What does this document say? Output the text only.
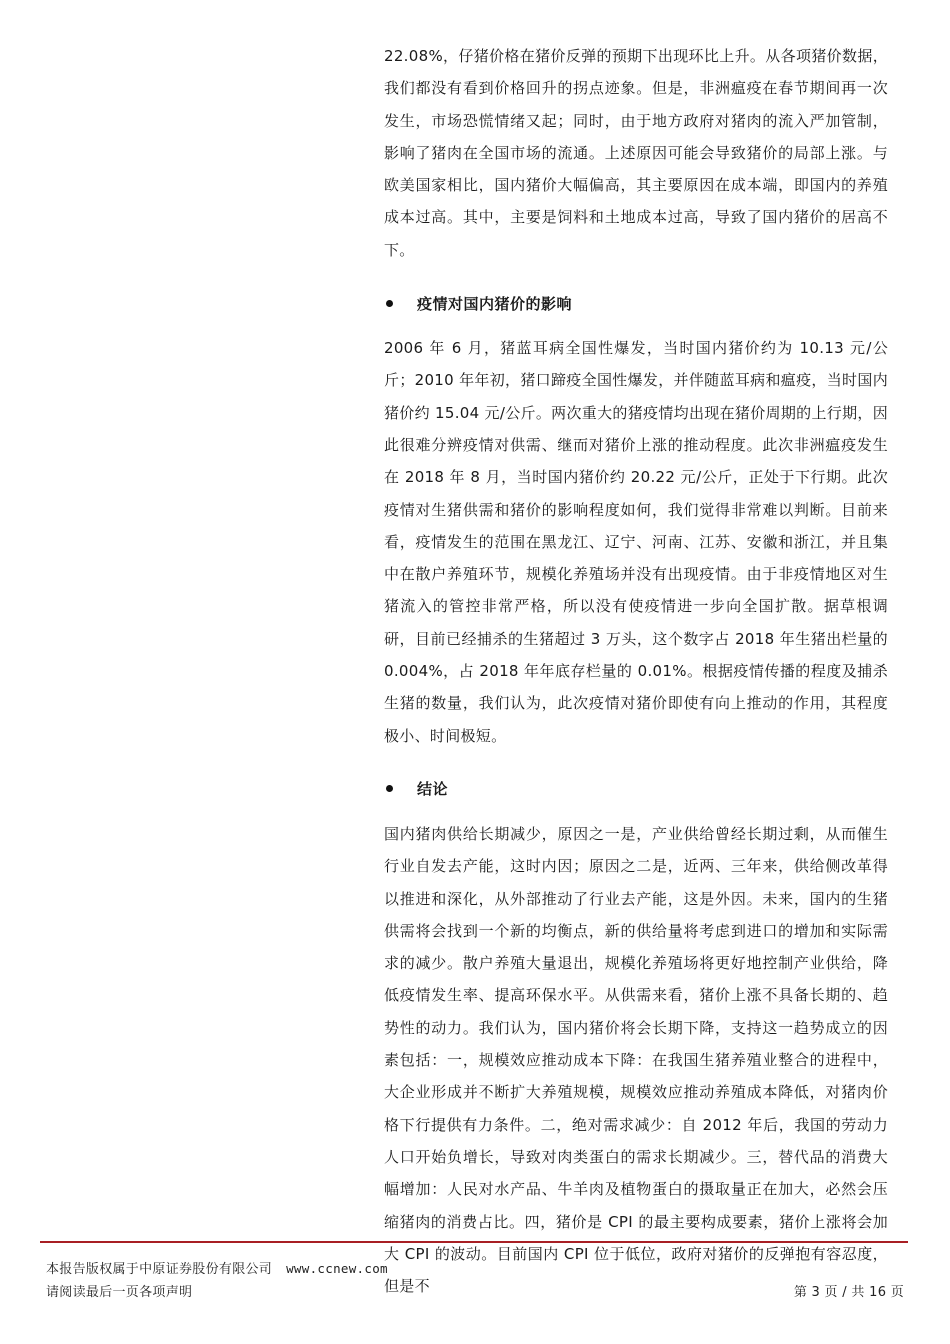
22.08%，仔猪价格在猪价反弹的预期下出现环比上升。从各项猪价数据，我们都没有看到价格回升的拐点迹象。但是，非洲瘟疫在春节期间再一次发生，市场恐慌情绪又起；同时，由于地方政府对猪肉的流入严加管制，影响了猪肉在全国市场的流通。上述原因可能会导致猪价的局部上涨。与欧美国家相比，国内猪价大幅偏高，其主要原因在成本端，即国内的养殖成本过高。其中，主要是饲料和土地成本过高，导致了国内猪价的居高不下。

疫情对国内猪价的影响

2006 年 6 月，猪蓝耳病全国性爆发，当时国内猪价约为 10.13 元/公斤；2010 年年初，猪口蹄疫全国性爆发，并伴随蓝耳病和瘟疫，当时国内猪价约 15.04 元/公斤。两次重大的猪疫情均出现在猪价周期的上行期，因此很难分辨疫情对供需、继而对猪价上涨的推动程度。此次非洲瘟疫发生在 2018 年 8 月，当时国内猪价约 20.22 元/公斤，正处于下行期。此次疫情对生猪供需和猪价的影响程度如何，我们觉得非常难以判断。目前来看，疫情发生的范围在黑龙江、辽宁、河南、江苏、安徽和浙江，并且集中在散户养殖环节，规模化养殖场并没有出现疫情。由于非疫情地区对生猪流入的管控非常严格，所以没有使疫情进一步向全国扩散。据草根调研，目前已经捕杀的生猪超过 3 万头，这个数字占 2018 年生猪出栏量的 0.004%，占 2018 年年底存栏量的 0.01%。根据疫情传播的程度及捕杀生猪的数量，我们认为，此次疫情对猪价即使有向上推动的作用，其程度极小、时间极短。

结论

国内猪肉供给长期减少，原因之一是，产业供给曾经长期过剩，从而催生行业自发去产能，这时内因；原因之二是，近两、三年来，供给侧改革得以推进和深化，从外部推动了行业去产能，这是外因。未来，国内的生猪供需将会找到一个新的均衡点，新的供给量将考虑到进口的增加和实际需求的减少。散户养殖大量退出，规模化养殖场将更好地控制产业供给，降低疫情发生率、提高环保水平。从供需来看，猪价上涨不具备长期的、趋势性的动力。我们认为，国内猪价将会长期下降，支持这一趋势成立的因素包括：一，规模效应推动成本下降：在我国生猪养殖业整合的进程中，大企业形成并不断扩大养殖规模，规模效应推动养殖成本降低，对猪肉价格下行提供有力条件。二，绝对需求减少：自 2012 年后，我国的劳动力人口开始负增长，导致对肉类蛋白的需求长期减少。三，替代品的消费大幅增加：人民对水产品、牛羊肉及植物蛋白的摄取量正在加大，必然会压缩猪肉的消费占比。四，猪价是 CPI 的最主要构成要素，猪价上涨将会加大 CPI 的波动。目前国内 CPI 位于低位，政府对猪价的反弹抱有容忍度，但是不

本报告版权属于中原证券股份有限公司 www.ccnew.com
请阅读最后一页各项声明	第 3 页 / 共 16 页
